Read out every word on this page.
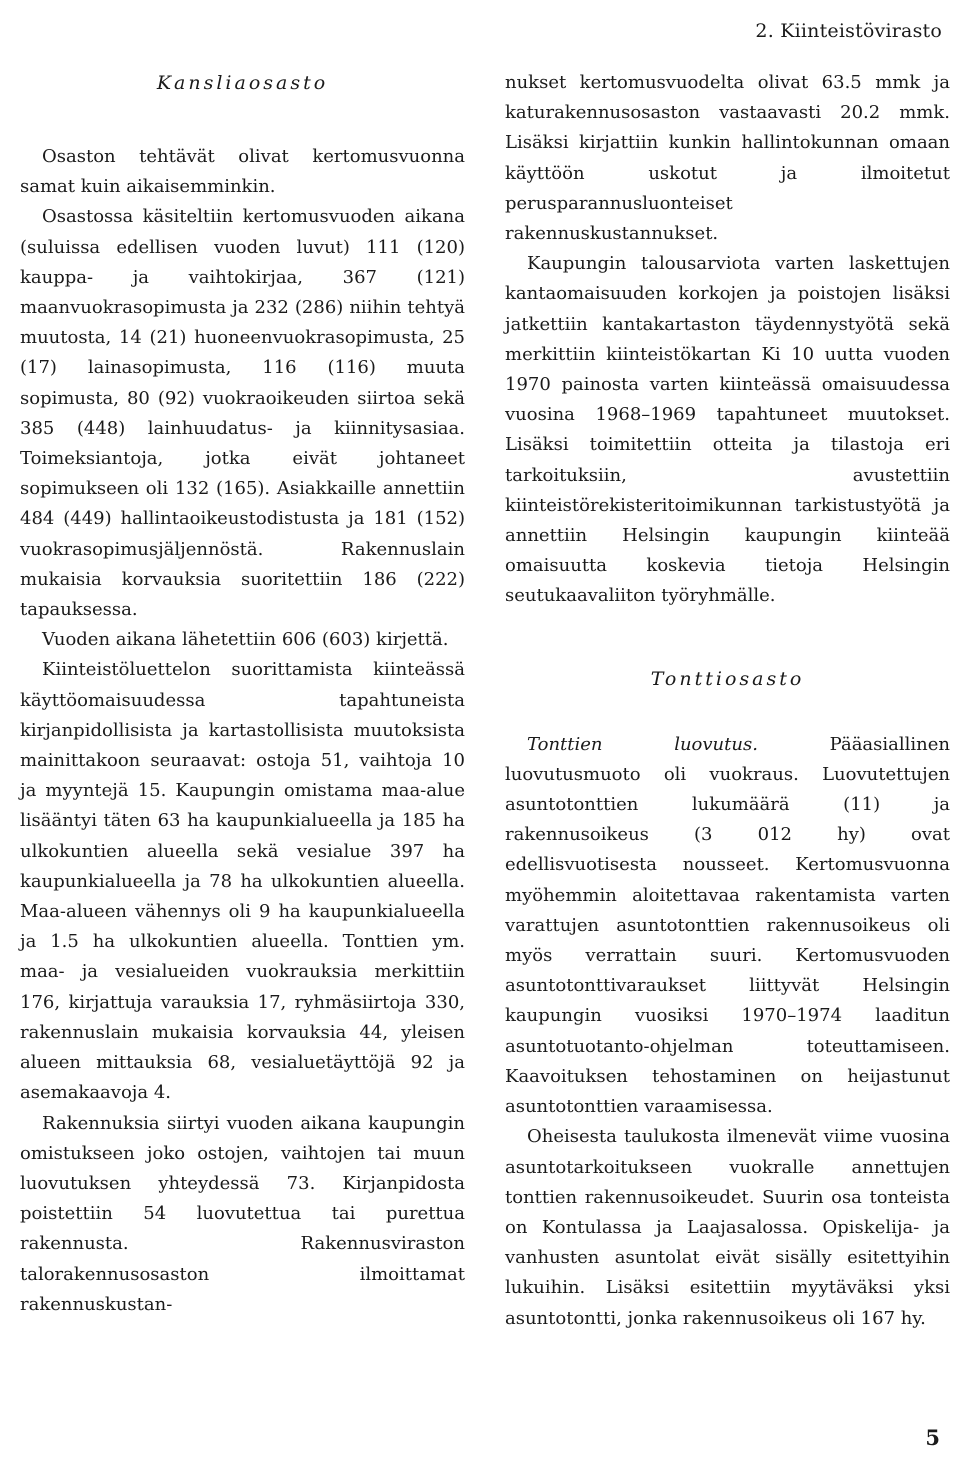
2. Kiinteistövirasto
Kansliaosasto

Osaston tehtävät olivat kertomusvuonna samat kuin aikaisemminkin.

Osastossa käsiteltiin kertomusvuoden aikana (suluissa edellisen vuoden luvut) 111 (120) kauppa- ja vaihtokirjaa, 367 (121) maanvuokrasopimusta ja 232 (286) niihin tehtyä muutosta, 14 (21) huoneenvuokrasopimusta, 25 (17) lainasopimusta, 116 (116) muuta sopimusta, 80 (92) vuokraoikeuden siirtoa sekä 385 (448) lainhuudatus- ja kiinnitysasiaa. Toimeksiantoja, jotka eivät johtaneet sopimukseen oli 132 (165). Asiakkaille annettiin 484 (449) hallintaoikeustodistusta ja 181 (152) vuokrasopimusjäljennöstä. Rakennuslain mukaisia korvauksia suoritettiin 186 (222) tapauksessa.

Vuoden aikana lähetettiin 606 (603) kirjettä.

Kiinteistöluettelon suorittamista kiinteässä käyttöomaisuudessa tapahtuneista kirjanpidollisista ja kartastollisista muutoksista mainittakoon seuraavat: ostoja 51, vaihtoja 10 ja myyntejä 15. Kaupungin omistama maa-alue lisääntyi täten 63 ha kaupunkialueella ja 185 ha ulkokuntien alueella sekä vesialue 397 ha kaupunkialueella ja 78 ha ulkokuntien alueella. Maa-alueen vähennys oli 9 ha kaupunkialueella ja 1.5 ha ulkokuntien alueella. Tonttien ym. maa- ja vesialueiden vuokrauksia merkittiin 176, kirjattuja varauksia 17, ryhmäsiirtoja 330, rakennuslain mukaisia korvauksia 44, yleisen alueen mittauksia 68, vesialuetäyttöjä 92 ja asemakaavoja 4.

Rakennuksia siirtyi vuoden aikana kaupungin omistukseen joko ostojen, vaihtojen tai muun luovutuksen yhteydessä 73. Kirjanpidosta poistettiin 54 luovutettua tai purettua rakennusta. Rakennusviraston talorakennusosaston ilmoittamat rakennuskustan-

nukset kertomusvuodelta olivat 63.5 mmk ja katurakennusosaston vastaavasti 20.2 mmk. Lisäksi kirjattiin kunkin hallintokunnan omaan käyttöön uskotut ja ilmoitetut perusparannusluonteiset rakennuskustannukset.

Kaupungin talousarviota varten laskettujen kantaomaisuuden korkojen ja poistojen lisäksi jatkettiin kantakartaston täydennystyötä sekä merkittiin kiinteistökartan Ki 10 uutta vuoden 1970 painosta varten kiinteässä omaisuudessa vuosina 1968–1969 tapahtuneet muutokset. Lisäksi toimitettiin otteita ja tilastoja eri tarkoituksiin, avustettiin kiinteistörekisteritoimikunnan tarkistustyötä ja annettiin Helsingin kaupungin kiinteää omaisuutta koskevia tietoja Helsingin seutukaavaliiton työryhmälle.

Tonttiosasto

Tonttien luovutus.	Pääasiallinen luovutusmuoto oli vuokraus. Luovutettujen asuntotonttien lukumäärä (11) ja rakennusoikeus (3 012 hy) ovat edellisvuotisesta nousseet. Kertomusvuonna myöhemmin aloitettavaa rakentamista varten varattujen asuntotonttien rakennusoikeus oli myös verrattain suuri. Kertomusvuoden asuntotonttivaraukset liittyvät Helsingin kaupungin vuosiksi 1970–1974 laaditun asuntotuotanto-ohjelman toteuttamiseen. Kaavoituksen tehostaminen on heijastunut asuntotonttien varaamisessa.

Oheisesta taulukosta ilmenevät viime vuosina asuntotarkoitukseen vuokralle annettujen tonttien rakennusoikeudet. Suurin osa tonteista on Kontulassa ja Laajasalossa. Opiskelija- ja vanhusten asuntolat eivät sisälly esitettyihin lukuihin. Lisäksi esitettiin myytäväksi yksi asuntotontti, jonka rakennusoikeus oli 167 hy.

5
